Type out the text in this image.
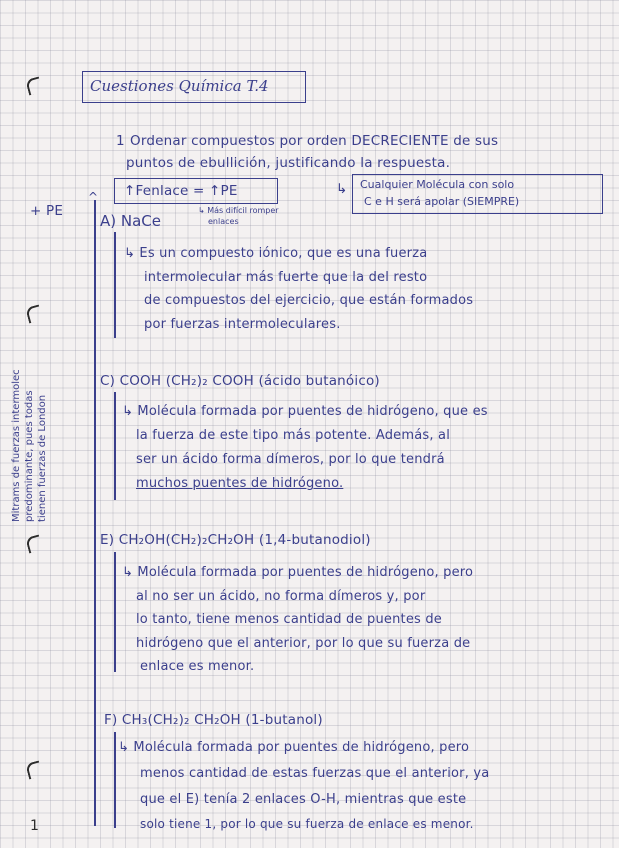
Cuestiones Química T.4
1 Ordenar compuestos por orden DECRECIENTE de sus
puntos de ebullición, justificando la respuesta.
↑Fenlace = ↑PE	↳ Cualquier Molécula con solo
C e H será apolar (SIEMPRE)
+ PE
^
Mitrams de fuerzas intermolec predominante, pues todas tienen fuerzas de London
A) NaCe
↳ Más difícil romper
enlaces
↳ Es un compuesto iónico, que es una fuerza
intermolecular más fuerte que la del resto
de compuestos del ejercicio, que están formados
por fuerzas intermoleculares.
C) COOH (CH₂)₂ COOH (ácido butanóico)
↳ Molécula formada por puentes de hidrógeno, que es
la fuerza de este tipo más potente. Además, al
ser un ácido forma dímeros, por lo que tendrá
muchos puentes de hidrógeno.
E) CH₂OH(CH₂)₂CH₂OH (1,4-butanodiol)
↳ Molécula formada por puentes de hidrógeno, pero
al no ser un ácido, no forma dímeros y, por
lo tanto, tiene menos cantidad de puentes de
hidrógeno que el anterior, por lo que su fuerza de
enlace es menor.
F) CH₃(CH₂)₂ CH₂OH (1-butanol)
↳ Molécula formada por puentes de hidrógeno, pero
menos cantidad de estas fuerzas que el anterior, ya
que el E) tenía 2 enlaces O-H, mientras que este
solo tiene 1, por lo que su fuerza de enlace es menor.
1
